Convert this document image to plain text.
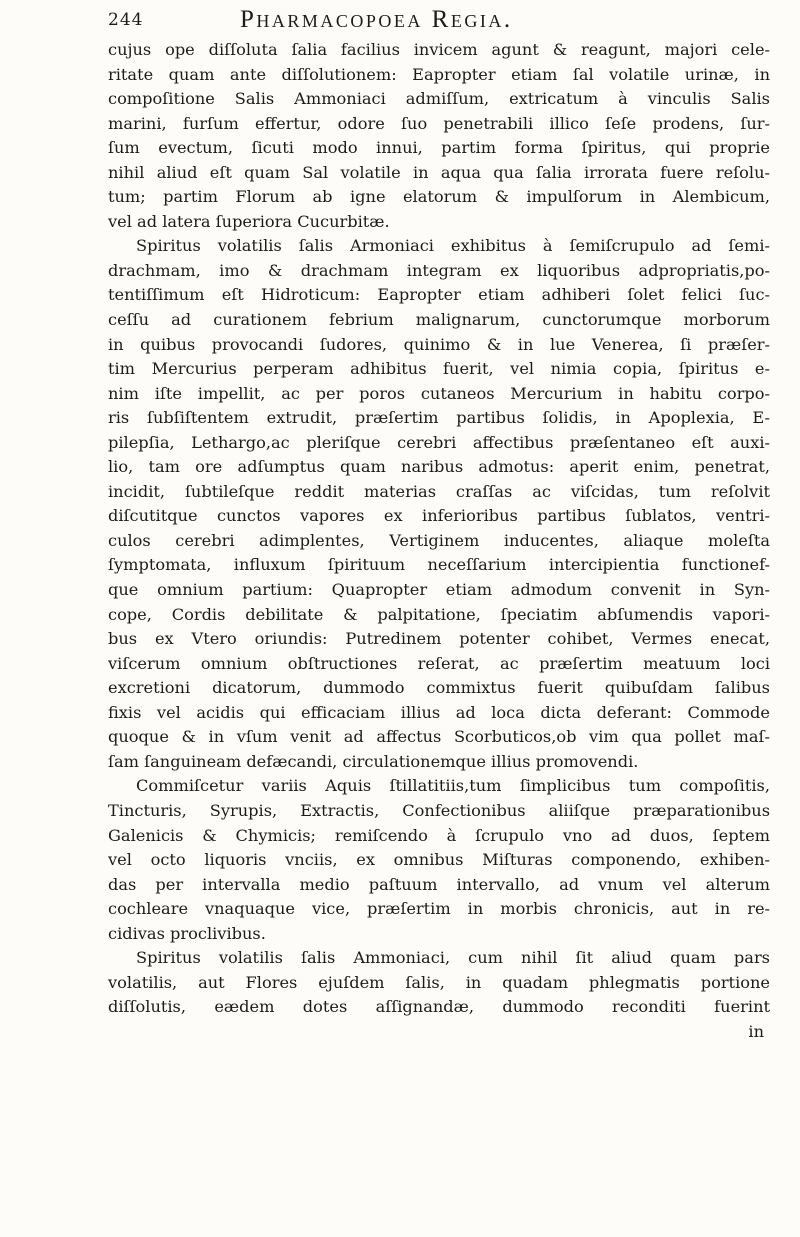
244	Pharmacopoea Regia.
cujus ope diſſoluta ſalia facilius invicem agunt & reagunt, majori cele-
ritate quam ante diſſolutionem: Eapropter etiam ſal volatile urinæ, in
compoſitione Salis Ammoniaci admiſſum, extricatum à vinculis Salis
marini, furſum effertur, odore ſuo penetrabili illico ſeſe prodens, ſur-
ſum evectum, ſicuti modo innui, partim forma ſpiritus, qui proprie
nihil aliud eſt quam Sal volatile in aqua qua ſalia irrorata fuere reſolu-
tum; partim Florum ab igne elatorum & impulſorum in Alembicum,
vel ad latera ſuperiora Cucurbitæ.
Spiritus volatilis ſalis Armoniaci exhibitus à ſemiſcrupulo ad ſemi-
drachmam, imo & drachmam integram ex liquoribus adpropriatis,po-
tentiſſimum eſt Hidroticum: Eapropter etiam adhiberi ſolet felici ſuc-
ceſſu ad curationem febrium malignarum, cunctorumque morborum
in quibus provocandi ſudores, quinimo & in lue Venerea, ſi præſer-
tim Mercurius perperam adhibitus fuerit, vel nimia copia, ſpiritus e-
nim iſte impellit, ac per poros cutaneos Mercurium in habitu corpo-
ris ſubſiſtentem extrudit, præſertim partibus ſolidis, in Apoplexia, E-
pilepſia, Lethargo,ac pleriſque cerebri affectibus præſentaneo eſt auxi-
lio, tam ore adſumptus quam naribus admotus: aperit enim, penetrat,
incidit, ſubtileſque reddit materias craſſas ac viſcidas, tum reſolvit
diſcutitque cunctos vapores ex inferioribus partibus ſublatos, ventri-
culos cerebri adimplentes, Vertiginem inducentes, aliaque moleſta
ſymptomata, influxum ſpirituum neceſſarium intercipientia functionef-
que omnium partium: Quapropter etiam admodum convenit in Syn-
cope, Cordis debilitate & palpitatione, ſpeciatim abſumendis vapori-
bus ex Vtero oriundis: Putredinem potenter cohibet, Vermes enecat,
viſcerum omnium obſtructiones reſerat, ac præſertim meatuum loci
excretioni dicatorum, dummodo commixtus fuerit quibuſdam ſalibus
fixis vel acidis qui efficaciam illius ad loca dicta deferant: Commode
quoque & in vſum venit ad affectus Scorbuticos,ob vim qua pollet maſ-
ſam ſanguineam defæcandi, circulationemque illius promovendi.
Commiſcetur variis Aquis ſtillatitiis,tum ſimplicibus tum compoſitis,
Tincturis, Syrupis, Extractis, Confectionibus aliiſque præparationibus
Galenicis & Chymicis; remiſcendo à ſcrupulo vno ad duos, ſeptem
vel octo liquoris vnciis, ex omnibus Miſturas componendo, exhiben-
das per intervalla medio paſtuum intervallo, ad vnum vel alterum
cochleare vnaquaque vice, præſertim in morbis chronicis, aut in re-
cidivas proclivibus.
Spiritus volatilis ſalis Ammoniaci, cum nihil ſit aliud quam pars
volatilis, aut Flores ejuſdem ſalis, in quadam phlegmatis portione
diſſolutis, eædem dotes aſſignandæ, dummodo reconditi fuerint
in
